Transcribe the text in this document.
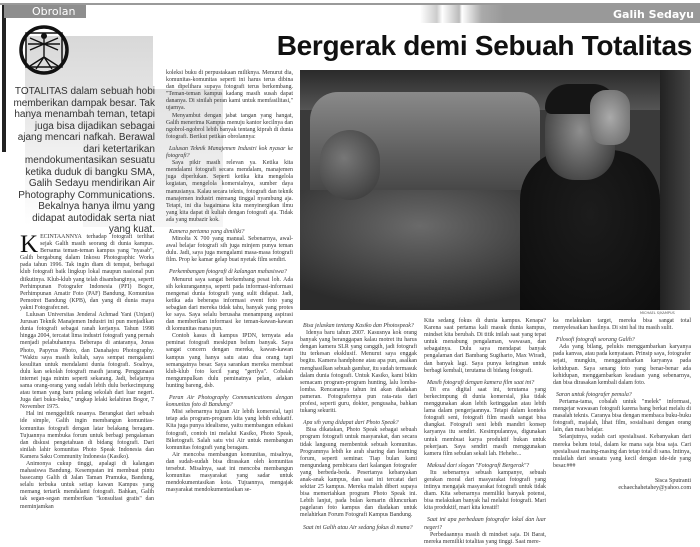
Obrolan	Galih Sedayu
Bergerak demi Sebuah Totalitas
TOTALITAS dalam sebuah hobi memberikan dampak besar. Tak hanya menambah teman, tetapi juga bisa dijadikan sebagai ajang mencari nafkah. Berawal dari ketertarikan mendokumentasikan sesuatu ketika duduk di bangku SMA, Galih Sedayu mendirikan Air Photography Communications. Bekalnya hanya ilmu yang didapat autodidak serta niat yang kuat.
MICHAEL S/KAMPUS

KECINTAANNYA terhadap fotografi terlihat sejak Galih masih seorang di dunia kampus. Bersama teman-teman kampus yang "nyasab", Galih bergabung dalam Inkosu Photographic Works pada tahun 1996. Tak ingin diam di tempat, berbagai klub fotografi baik lingkup lokal maupun nasional pun diikutinya. Klub-klub yang telah disambanginya, seperti Perhimpunan Fotografer Indonesia (PFI) Bogor, Perhimpunan Amatir Foto (PAF) Bandung, Komunitas Pemotret Bandung (KPB), dan yang di dunia maya yakni Fotografer.net.

Lulusan Universitas Jenderal Achmad Yani (Unjani) Jurusan Teknik Manajemen Industri ini pun menjadikan dunia fotografi sebagai ranah kerjanya. Tahun 1998 hingga 2004, tercatat lima industri fotografi yang pernah menjadi pelabuhannya. Beberapa di antaranya, Jonas Photo, Papyrus Photo, dan Danahajeu Photography. "Waktu saya masih kuliah, saya sempat mengalami kesulitan untuk mendalami dunia fotografi. Soalnya, dulu kan sekolah fotografi masih jarang. Penggunaan internet juga minim seperti sekarang. Jadi, belajarnya sama orang-orang yang sudah lebih dulu berkecimpung atau teman yang baru pulang sekolah dari luar negeri. Juga dari buku-buku," ungkap lelaki kelahiran Bogor, 7 November 1975.

Hal ini menggelitik rasanya. Berangkat dari sebuah ide simple, Galih ingin membangun komunitas-komunitas fotografi dengan latar belakang beragam. Tujuannya membuka forum untuk berbagi pengalaman dan diskusi pengetahuan di bidang fotografi. Dari sinilah lahir komunitas Photo Speak Indonesia dan Kamera Saku Community Indonesia (Kasiko).

Animonya cukup tinggi, apalagi di kalangan mahasiswa Bandung. Kesempatan ini membuat pintu basecamp Galih di Jalan Taman Pramuka, Bandung, selalu terbuka untuk setiap kawan Kampus yang memang tertarik mendalami fotografi. Bahkan, Galih tak segan-segan memberikan "konsultasi gratis" dan meminjamkan

koleksi buku di perpustakaan miliknya. Menurut dia, komunitas-komunitas seperti ini harus terus dibina dan dipelihara supaya fotografi terus berkembang. "Teman-teman kampus kadang masih susah dapat dananya. Di sinilah peran kami untuk memfasilitasi," ujarnya.

Menyambut dengan jabat tangan yang hangat, Galih menerima Kampus menuju kantor kecilnya dan ngobrol-ngobrol lebih banyak tentang kiprah di dunia fotografi. Berikut petikan obrolannya:

Lulusan Teknik Manajemen Industri kok nyasar ke fotografi?

Saya pikir masih relevan ya. Ketika kita mendalami fotografi secara mendalam, manajemen juga diperlukan. Seperti ketika kita mengelola kegiatan, mengelola komersialnya, sumber daya manusianya. Kalau secara teknis, fotografi dan teknik manajemen industri memang tinggal nyambung aja. Tetapi, ini dia bagaimana kita menyinergikan ilmu yang kita dapat di kuliah dengan fotografi aja. Tidak ada yang mubazir kok.

Kamera pertama yang dimiliki?

Minolta X 700 yang manual. Sebenarnya, awal-awal belajar fotografi sih juga minjem punya teman dulu. Jadi, saya juga mengalami masa-masa fotografi film. Prop ke kamar gelap buat nyetak film sendiri.

Perkembangan fotografi di kalangan mahasiswa?

Menurut saya sangat berkembang pesat loh. Ada sih kekurangannya, seperti pada informasi-informasi mengenai dunia fotografi yang sulit didapat. Jadi, ketika ada beberapa informasi event foto yang sebagian dari mereka tidak tahu, banyak yang protes ke saya. Saya selalu berusaha menampung aspirasi dan memberikan informasi ke teman-kawan-kawan di komunitas mana pun.

Contoh kasus di kampus IPDN, ternyata ada peminat fotografi meskipun belum banyak. Saya sangat concern dengan mereka, kawan-kawan kampus yang hanya satu atau dua orang tapi semangatnya besar. Saya sarankan mereka membuat klub-klub foto kecil yang "gerilya". Cobalah mengumpulkan dulu peminatnya pelan, adakan hunting bareng, dsb.

Peran Air Photography Communications dengan komunitas foto di Bandung?

Misi sebenarnya tujuan Air lebih komersial, tapi tetap ada program-program kita yang lebih edukatif. Kita juga punya idealisme, yaitu membangun edukasi fotografi, contoh ini melalui Kasiko, Photo Speak, Biketografi. Salah satu visi Air untuk membangun komunitas fotografi yang beragam.

Air mencoba membangun komunitas, misalnya, dan sudah-sudah bisa dirasakan oleh komunitas tersebut. Misalnya, saat ini mencoba membangun komunitas masyarakat yang sadar untuk mendokumentasikan kota. Tujuannya, mengajak masyarakat mendokumentasikan se-

Bisa jelaskan tentang Kasiko dan Photospeak?

Idenya baru tahun 2007. Kasusnya kok orang banyak yang beranggapan kalau motret itu harus dengan kamera SLR yang canggih, jadi fotografi itu terkesan eksklusif. Menurut saya enggak begitu. Kamera handphone atau apa pun, asalkan menghasilkan sebuah gambar, itu sudah termasuk dalam dunia fotografi. Untuk Kasiko, kami bikin semacam program-program hunting, lalu lomba-lomba. Rencananya tahun ini akan diadakan pameran. Fotografernya pun rata-rata dari profesi, seperti guru, dokter, pengusaha, bahkan tukang sekuriti.

Apa sih yang didapat dari Photo Speak?

Bisa dikatakan, Photo Speak sebagai sebuah program fotografi untuk masyarakat, dan secara tidak langsung membentuk sebuah komunitas. Programnya lebih ke arah sharing dan learning forum, seperti seminar. Tiap bulan kami mengundang pembicara dari kalangan fotografer yang berbeda-beda. Pesertanya kebanyakan anak-anak kampus, dan saat ini tercatat dari sekitar 25 kampus. Mereka malah diberi supaya bisa memeriahkan program Photo Speak ini. Lebih lanjut, pada bulan kemarin diluncurkan pagelaran foto kampus dan diadakan untuk melahirkan Forum Fotografi Kampus Bandung.

Saat ini Galih atau Air sedang fokus di mana?

Kita sedang fokus di dunia kampus. Kenapa? Karena saat pertama kali masuk dunia kampus, mindset kita berubah. Di titik inilah saat yang tepat untuk menabung pengalaman, wawasan, dan sebagainya. Dulu saya mendapat banyak pengalaman dari Bambang Sugiharto, Max Wiradi, dan banyak lagi. Saya punya keinginan untuk berbagi kembali, terutama di bidang fotografi.

Masih fotografi dengan kamera film saat ini?

Di era digital saat ini, terutama yang berkecimpung di dunia komersial, jika tidak menggunakan akan lebih ketinggalan atau lebih lama dalam pengerjaannya. Tetapi dalam konteks fotografi seni, fotografi film masih sangat bisa diangkat. Fotografi seni lebih mandiri konsep karyanya itu sendiri. Kesimpulannya, digunakan untuk membuat karya produktif bukan untuk pekerjaan. Saya sendiri masih menggunakan kamera film sebulan sekali lah. Hehehe...

Maksud dari slogan "Fotografi Bergerak"?

Itu sebenarnya sebuah kampanye, sebuah gerakan moral dari masyarakat fotografi yang intinya mengajak masyarakat fotografi untuk tidak diam. Kita sebenarnya memiliki banyak potensi, bisa melakukan banyak hal melalui fotografi. Mari kita produktif, mari kita kreatif!

Saat ini apa perbedaan fotografer lokal dan luar negeri?

Perbedaannya masih di mindset saja. Di Barat, mereka memiliki totalitas yang tinggi. Saat mere-

ka melakukan target, mereka bisa sangat total menyelesaikan hasilnya. Di sini hal itu masih sulit.

Filosofi fotografi seorang Galih?

Ada yang bilang, pelukis menggambarkan karyanya pada kanvas, atau pada kenyataan. Prinsip saya, fotografer sejati, mungkin, menggambarkan karyanya pada kehidupan. Saya senang foto yang benar-benar ada kehidupan, menggambarkan keadaan yang sebenarnya, dan bisa dirasakan kembali dalam foto.

Saran untuk fotografer pemula?

Pertama-tama, cobalah untuk "melek" informasi, mengejar wawasan fotografi karena bang berkat melalu di masalah teknis. Caranya bisa dengan membaca buku-buku fotografi, majalah, lihat film, sosialisasi dengan orang lain, dan mau belajar.

Selanjutnya, sudah cari spesialisasi. Kebanyakan dari mereka belum total, dalam ke mana saja bisa saja. Cari spesialisasi masing-masing dan tetap total di sana. Intinya, mulailah dari sesuatu yang kecil dengan ide-ide yang besar.###

Sisca Sputranti
echaechahetahey@yahoo.com
